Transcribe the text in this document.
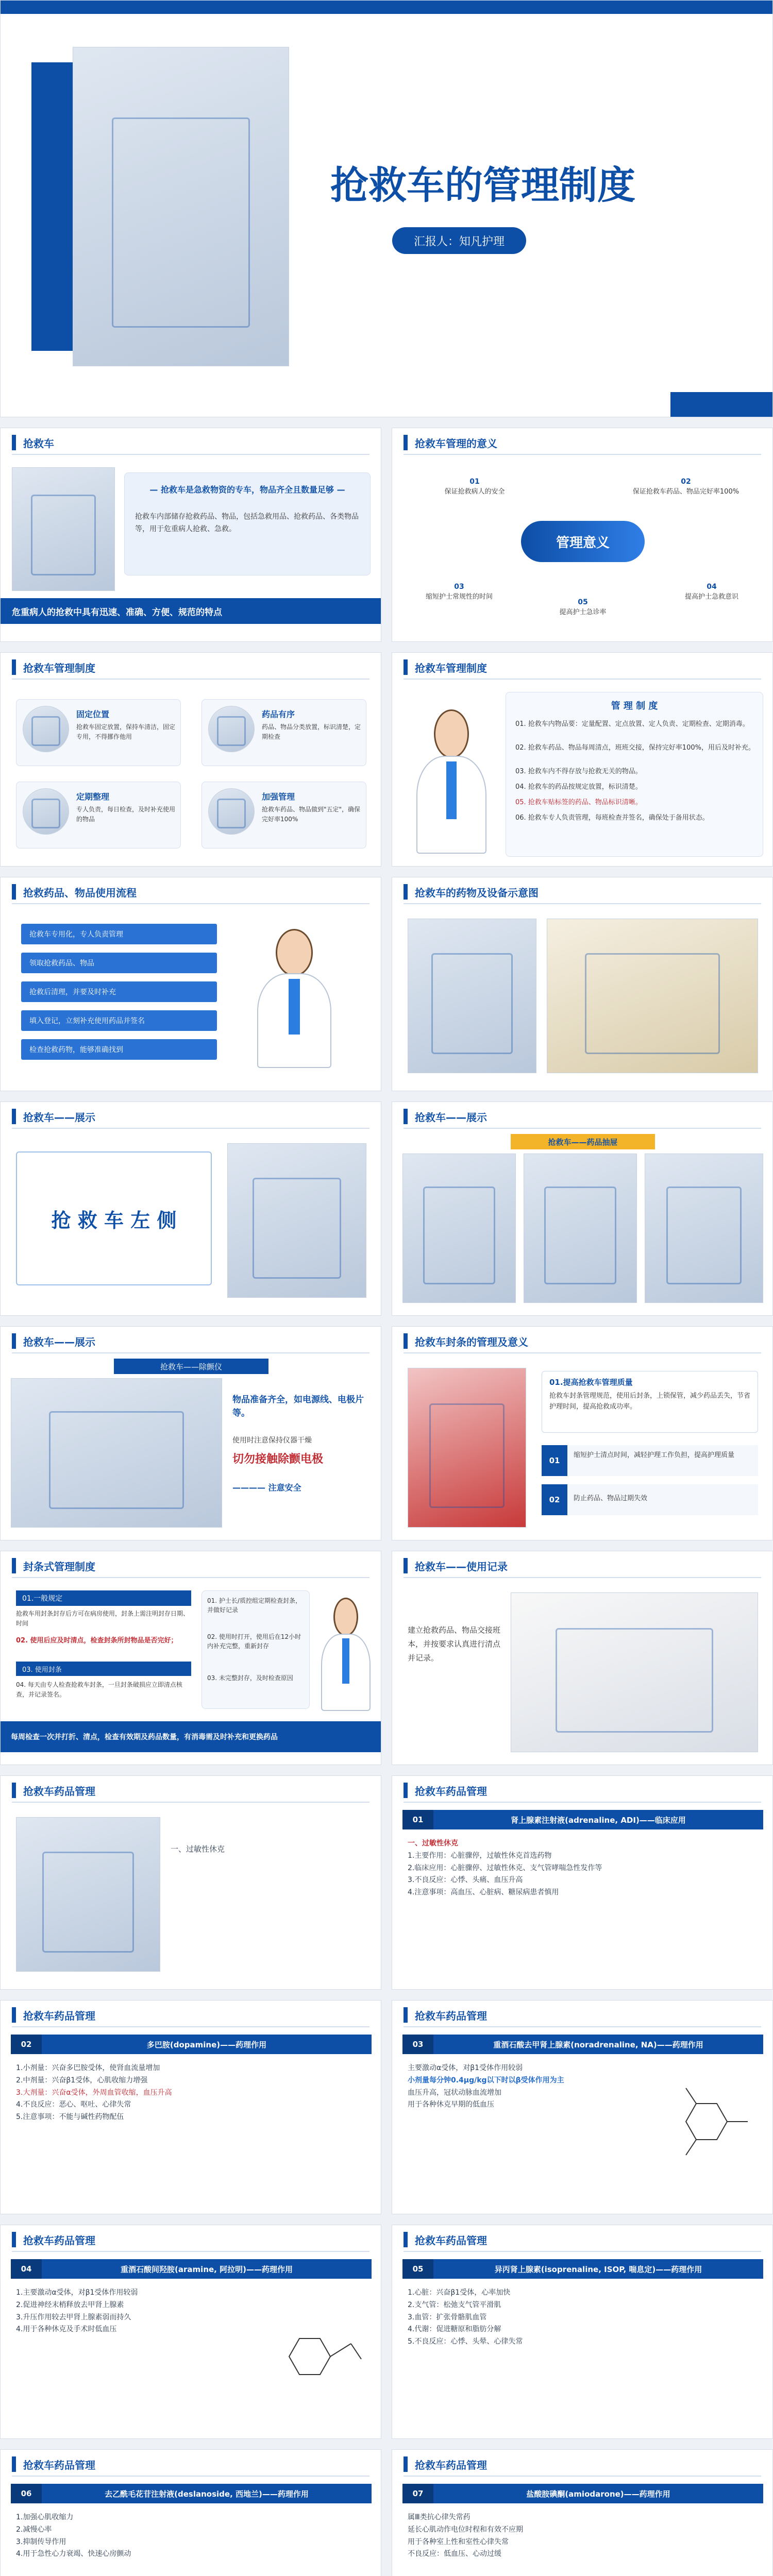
抢救车的管理制度
汇报人：知凡护理
抢救车
— 抢救车是急救物资的专车，物品齐全且数量足够 —
抢救车内部储存抢救药品、物品，包括急救用品、抢救药品、各类物品等，用于危重病人抢救、急救。
危重病人的抢救中具有迅速、准确、方便、规范的特点
抢救车管理的意义
管理意义
01
保证抢救病人的安全
02
保证抢救车药品、物品完好率100%
03
缩短护士常规性的时间
04
提高护士急救意识
05
提高护士急诊率
抢救车管理制度
固定位置
抢救车固定放置，保持车清洁，固定专用，不得挪作他用
药品有序
药品、物品分类放置，标识清楚，定期检查
定期整理
专人负责，每日检查，及时补充使用的物品
加强管理
抢救车药品、物品做到"五定"，确保完好率100%
抢救车管理制度
管 理 制 度
01. 抢救车内物品要：定量配置、定点放置、定人负责、定期检查、定期消毒。
02. 抢救车药品、物品每周清点，班班交接，保持完好率100%，用后及时补充。
03. 抢救车内不得存放与抢救无关的物品。
04. 抢救车的药品按规定放置，标识清楚。
05. 抢救车贴标签的药品、物品标识清晰。
06. 抢救车专人负责管理，每班检查并签名，确保处于备用状态。
抢救药品、物品使用流程
抢救车专用化，专人负责管理
领取抢救药品、物品
抢救后清理，并要及时补充
填入登记，立刻补充使用药品并签名
检查抢救药物，能够准确找到
抢救车的药物及设备示意图
抢救车——展示
抢 救 车 左 侧
抢救车——展示
抢救车——药品抽屉
抢救车——展示
抢救车——除颤仪
物品准备齐全，如电源线、电极片等。
使用时注意保持仪器干燥
切勿接触除颤电极
———— 注意安全
抢救车封条的管理及意义
01.提高抢救车管理质量
抢救车封条管理规范，使用后封条，上锁保管，减少药品丢失，节省护理时间，提高抢救成功率。
01
缩短护士清点时间，减轻护理工作负担，提高护理质量
02	防止药品、物品过期失效
封条式管理制度
01.一般规定
抢救车用封条封存后方可在病房使用，封条上需注明封存日期、时间
02. 使用后应及时清点，检查封条所封物品是否完好；
03. 使用封条
04. 每天由专人检查抢救车封条，一旦封条破损应立即清点核查，并记录签名。
01. 护士长/质控组定期检查封条，并做好记录
02. 使用时打开，使用后在12小时内补充完整，重新封存
03. 未完整封存，及时检查原因
每周检查一次并打折、清点，检查有效期及药品数量，有消毒需及时补充和更换药品
抢救车——使用记录
建立抢救药品、物品交接班本，并按要求认真进行清点并记录。
抢救车药品管理
一、过敏性休克
抢救车药品管理
01	肾上腺素注射液(adrenaline, ADI)——临床应用
一、过敏性休克
1.主要作用：心脏骤停，过敏性休克首选药物
2.临床应用：心脏骤停、过敏性休克、支气管哮喘急性发作等
3.不良反应：心悸、头痛、血压升高
4.注意事项：高血压、心脏病、糖尿病患者慎用
抢救车药品管理
02	多巴胺(dopamine)——药理作用
1.小剂量：兴奋多巴胺受体，使肾血流量增加
2.中剂量：兴奋β1受体，心肌收缩力增强
3.大剂量：兴奋α受体，外周血管收缩，血压升高
4.不良反应：恶心、呕吐、心律失常
5.注意事项：不能与碱性药物配伍
抢救车药品管理
03	重酒石酸去甲肾上腺素(noradrenaline, NA)——药理作用
主要激动α受体，对β1受体作用较弱
小剂量每分钟0.4μg/kg以下时以β受体作用为主
血压升高，冠状动脉血流增加
用于各种休克早期的低血压
抢救车药品管理
04	重酒石酸间羟胺(aramine, 阿拉明)——药理作用
1.主要激动α受体，对β1受体作用较弱
2.促进神经末梢释放去甲肾上腺素
3.升压作用较去甲肾上腺素弱而持久
4.用于各种休克及手术时低血压
抢救车药品管理
05	异丙肾上腺素(isoprenaline, ISOP, 喘息定)——药理作用
1.心脏：兴奋β1受体，心率加快
2.支气管：松弛支气管平滑肌
3.血管：扩张骨骼肌血管
4.代谢：促进糖原和脂肪分解
5.不良反应：心悸、头晕、心律失常
抢救车药品管理
06	去乙酰毛花苷注射液(deslanoside, 西地兰)——药理作用
1.加强心肌收缩力
2.减慢心率
3.抑制传导作用
4.用于急性心力衰竭、快速心房颤动
抢救车药品管理
07	盐酸胺碘酮(amiodarone)——药理作用
属Ⅲ类抗心律失常药
延长心肌动作电位时程和有效不应期
用于各种室上性和室性心律失常
不良反应：低血压、心动过缓
